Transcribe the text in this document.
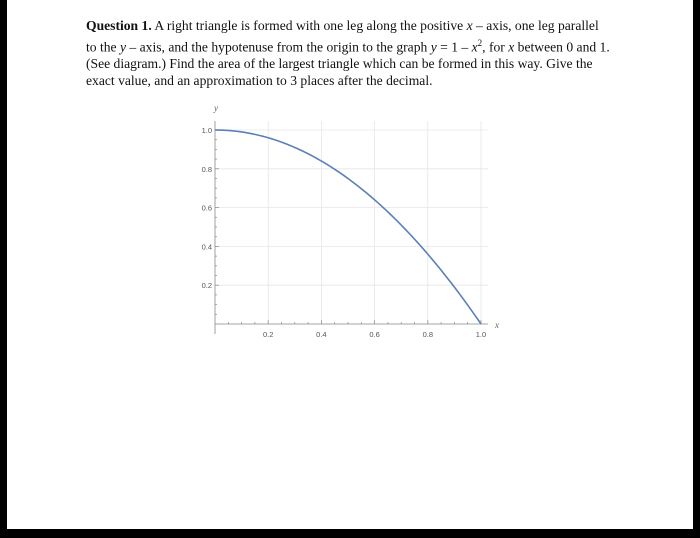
Question 1. A right triangle is formed with one leg along the positive x – axis, one leg parallel
to the y – axis, and the hypotenuse from the origin to the graph $y = 1 - x^2$, for x between 0 and 1.
(See diagram.) Find the area of the largest triangle which can be formed in this way. Give the
exact value, and an approximation to 3 places after the decimal.
0.2	0.4	0.6	0.8	1.0
0.2
0.4
0.6
0.8
1.0
y
x
